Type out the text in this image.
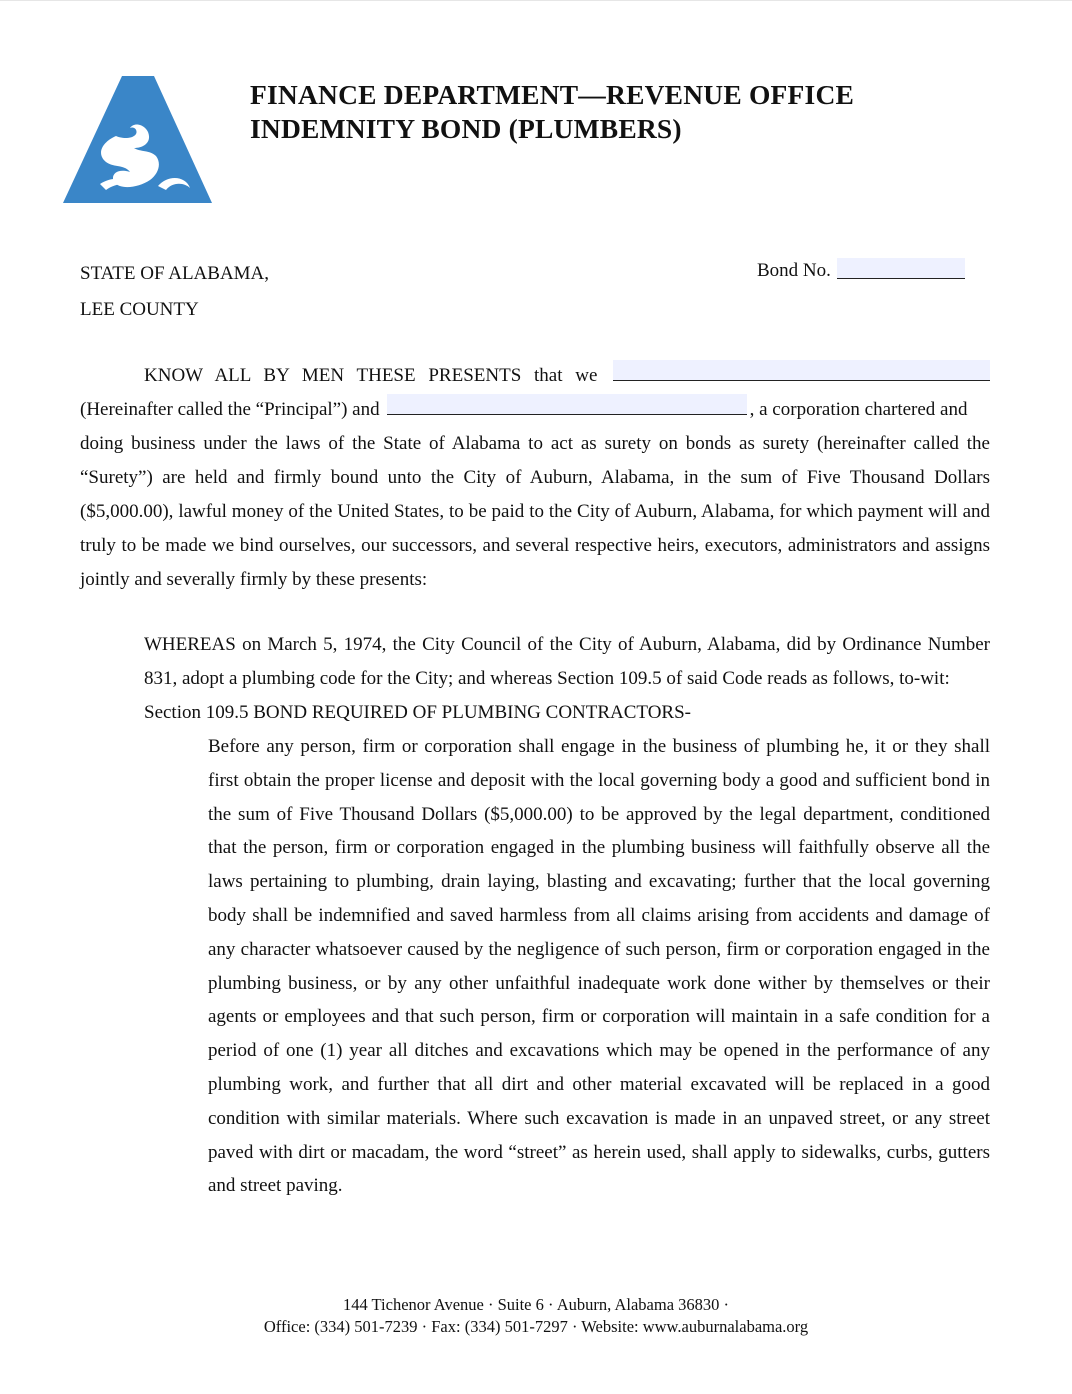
FINANCE DEPARTMENT—REVENUE OFFICE
INDEMNITY BOND (PLUMBERS)
STATE OF ALABAMA,
LEE COUNTY
Bond No.
KNOW ALL BY MEN THESE PRESENTS that we
(Hereinafter called the “Principal”) and	, a corporation chartered and
doing business under the laws of the State of Alabama to act as surety on bonds as surety (hereinafter called the “Surety”) are held and firmly bound unto the City of Auburn, Alabama, in the sum of Five Thousand Dollars ($5,000.00), lawful money of the United States, to be paid to the City of Auburn, Alabama, for which payment will and truly to be made we bind ourselves, our successors, and several respective heirs, executors, administrators and assigns jointly and severally firmly by these presents:
WHEREAS on March 5, 1974, the City Council of the City of Auburn, Alabama, did by Ordinance Number 831, adopt a plumbing code for the City; and whereas Section 109.5 of said Code reads as follows, to-wit:
Section 109.5 BOND REQUIRED OF PLUMBING CONTRACTORS-
Before any person, firm or corporation shall engage in the business of plumbing he, it or they shall first obtain the proper license and deposit with the local governing body a good and sufficient bond in the sum of Five Thousand Dollars ($5,000.00) to be approved by the legal department, conditioned that the person, firm or corporation engaged in the plumbing business will faithfully observe all the laws pertaining to plumbing, drain laying, blasting and excavating; further that the local governing body shall be indemnified and saved harmless from all claims arising from accidents and damage of any character whatsoever caused by the negligence of such person, firm or corporation engaged in the plumbing business, or by any other unfaithful inadequate work done wither by themselves or their agents or employees and that such person, firm or corporation will maintain in a safe condition for a period of one (1) year all ditches and excavations which may be opened in the performance of any plumbing work, and further that all dirt and other material excavated will be replaced in a good condition with similar materials. Where such excavation is made in an unpaved street, or any street paved with dirt or macadam, the word “street” as herein used, shall apply to sidewalks, curbs, gutters and street paving.
144 Tichenor Avenue · Suite 6 · Auburn, Alabama 36830 ·
Office: (334) 501-7239 · Fax: (334) 501-7297 · Website: www.auburnalabama.org
